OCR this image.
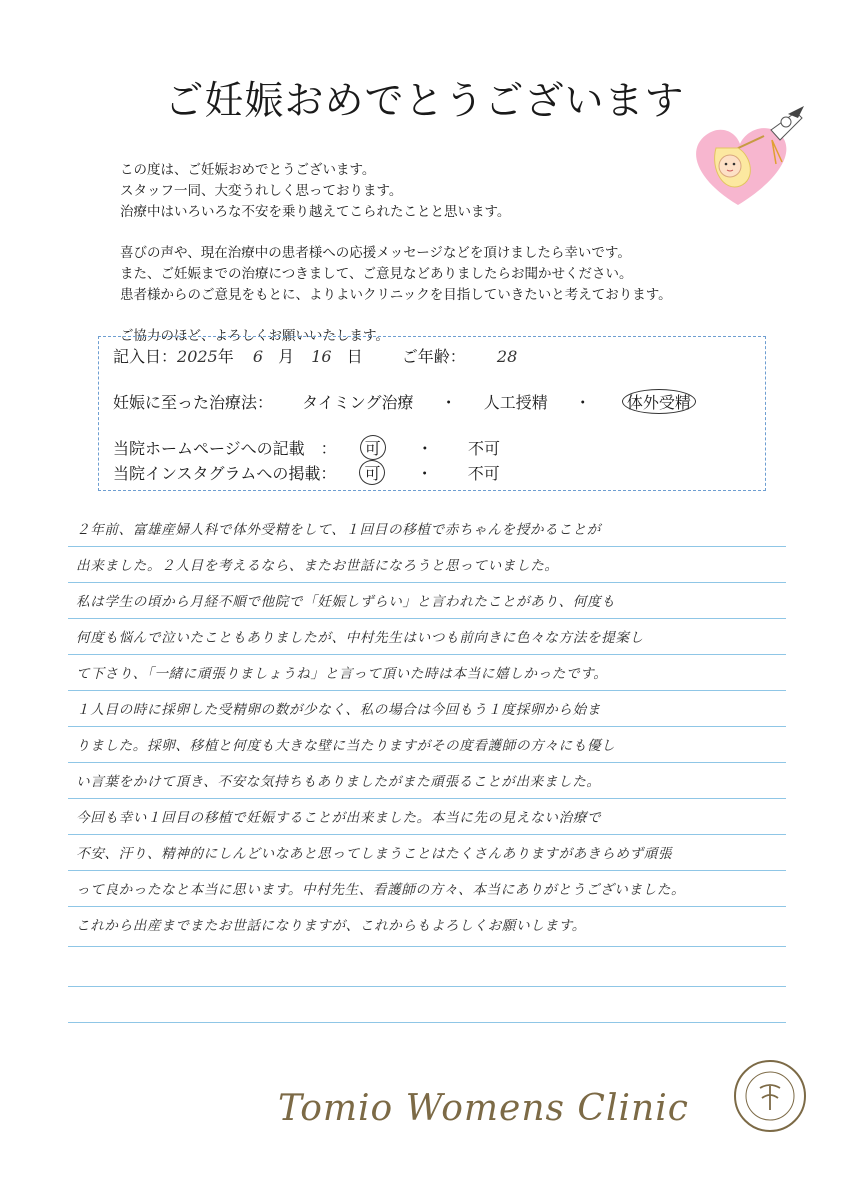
ご妊娠おめでとうございます

この度は、ご妊娠おめでとうございます。

スタッフ一同、大変うれしく思っております。

治療中はいろいろな不安を乗り越えてこられたことと思います。

喜びの声や、現在治療中の患者様への応援メッセージなどを頂けましたら幸いです。

また、ご妊娠までの治療につきまして、ご意見などありましたらお聞かせください。

患者様からのご意見をもとに、よりよいクリニックを目指していきたいと考えております。

ご協力のほど、よろしくお願いいたします。

記入日：2025年 6 月 16 日 ご年齢： 28
妊娠に至った治療法： タイミング治療 ・ 人工授精 ・ 体外受精
当院ホームページへの記載　： 可 ・ 不可
当院インスタグラムへの掲載： 可 ・ 不可
２年前、富雄産婦人科で体外受精をして、１回目の移植で赤ちゃんを授かることが
出来ました。２人目を考えるなら、またお世話になろうと思っていました。
私は学生の頃から月経不順で他院で「妊娠しずらい」と言われたことがあり、何度も
何度も悩んで泣いたこともありましたが、中村先生はいつも前向きに色々な方法を提案し
て下さり、「一緒に頑張りましょうね」と言って頂いた時は本当に嬉しかったです。
１人目の時に採卵した受精卵の数が少なく、私の場合は今回もう１度採卵から始ま
りました。採卵、移植と何度も大きな壁に当たりますがその度看護師の方々にも優し
い言葉をかけて頂き、不安な気持ちもありましたがまた頑張ることが出来ました。
今回も幸い１回目の移植で妊娠することが出来ました。本当に先の見えない治療で
不安、汗り、精神的にしんどいなあと思ってしまうことはたくさんありますがあきらめず頑張
って良かったなと本当に思います。中村先生、看護師の方々、本当にありがとうございました。
これから出産までまたお世話になりますが、これからもよろしくお願いします。
Tomio Womens Clinic
